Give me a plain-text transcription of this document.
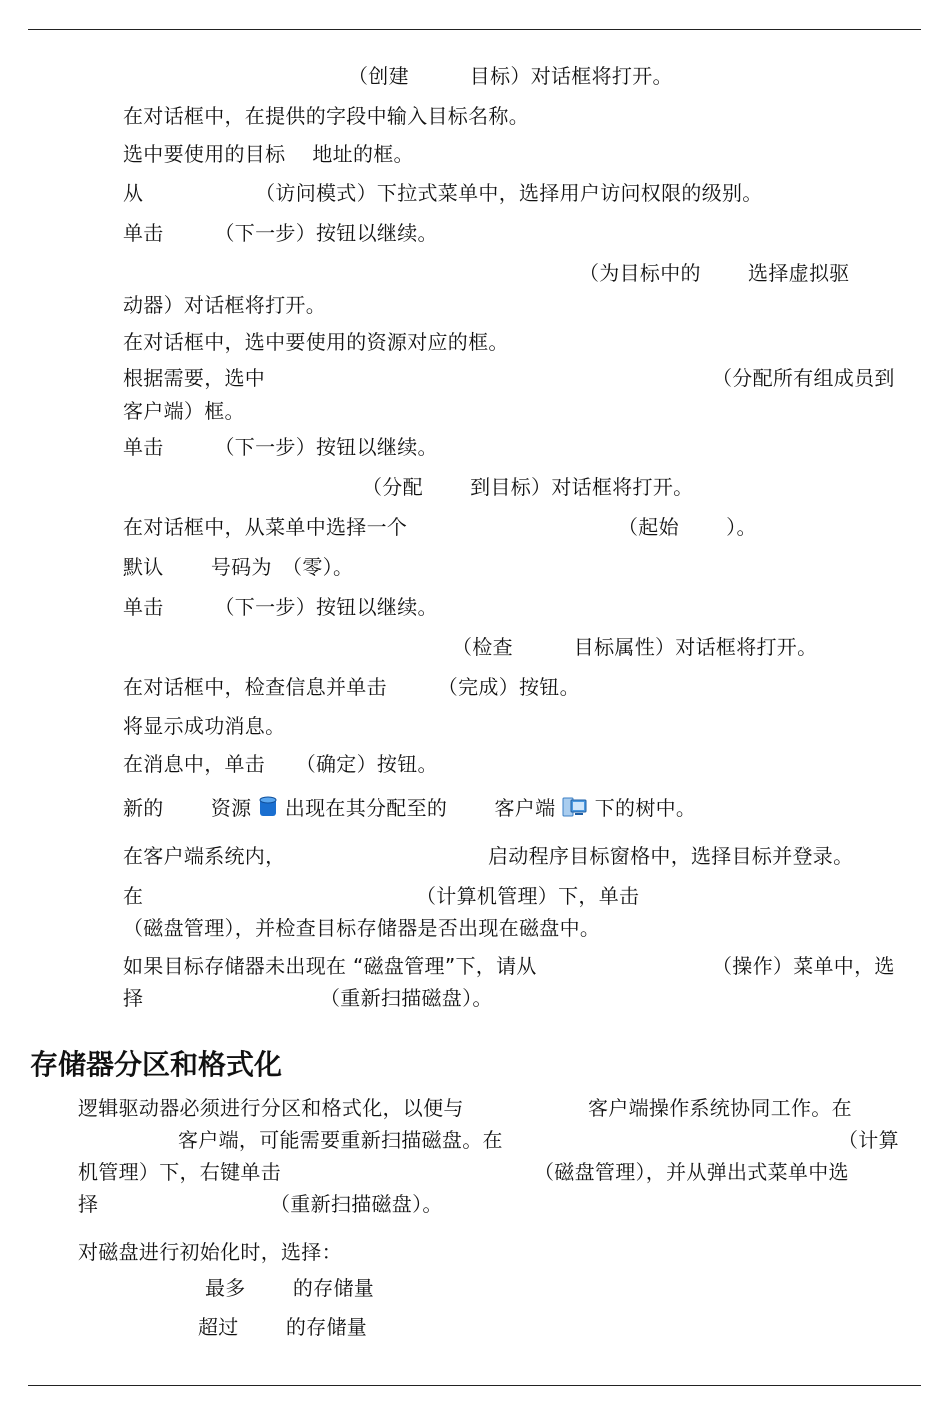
（创建　　　目标）对话框将打开。
在对话框中，在提供的字段中输入目标名称。
选中要使用的目标　 地址的框。
从　　　　　　（访问模式）下拉式菜单中，选择用户访问权限的级别。
单击　　　（下一步）按钮以继续。
（为目标中的　　 选择虚拟驱
动器）对话框将打开。
在对话框中，选中要使用的资源对应的框。
根据需要，选中	（分配所有组成员到
客户端）框。
单击　　　（下一步）按钮以继续。
（分配　　 到目标）对话框将打开。
在对话框中，从菜单中选择一个	（起始　　 ）。
默认　　 号码为　（零）。
单击　　　（下一步）按钮以继续。
（检查　　　目标属性）对话框将打开。
在对话框中，检查信息并单击　　　（完成）按钮。
将显示成功消息。
在消息中，单击　　（确定）按钮。
新的　　 资源 出现在其分配至的　　 客户端 下的树中。
在客户端系统内，	启动程序目标窗格中，选择目标并登录。
在	（计算机管理）下，单击
（磁盘管理），并检查目标存储器是否出现在磁盘中。
如果目标存储器未出现在 “磁盘管理”下，请从	（操作）菜单中，选
择	（重新扫描磁盘）。
存储器分区和格式化
逻辑驱动器必须进行分区和格式化，以便与	客户端操作系统协同工作。在
客户端，可能需要重新扫描磁盘。在	（计算
机管理）下，右键单击	（磁盘管理），并从弹出式菜单中选
择	（重新扫描磁盘）。
对磁盘进行初始化时，选择：
最多　　 的存储量
超过　　 的存储量
